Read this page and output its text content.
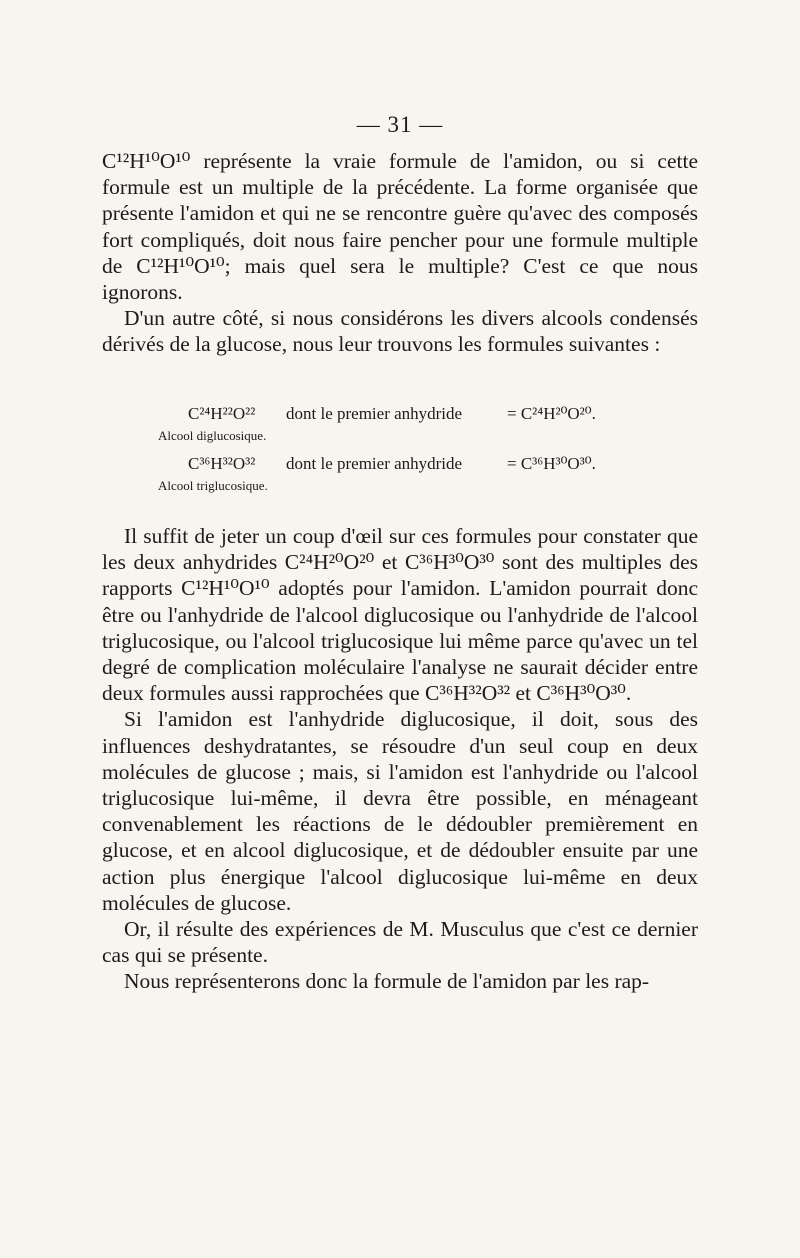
— 31 —

C¹²H¹⁰O¹⁰ représente la vraie formule de l'amidon, ou si cette formule est un multiple de la précédente. La forme organisée que présente l'amidon et qui ne se rencontre guère qu'avec des composés fort compliqués, doit nous faire pencher pour une formule multiple de C¹²H¹⁰O¹⁰; mais quel sera le multiple? C'est ce que nous ignorons.

D'un autre côté, si nous considérons les divers alcools condensés dérivés de la glucose, nous leur trouvons les formules suivantes :

C²⁴H²²O²² dont le premier anhydride	= C²⁴H²⁰O²⁰.
Alcool diglucosique.
C³⁶H³²O³² dont le premier anhydride	= C³⁶H³⁰O³⁰.
Alcool triglucosique.

Il suffit de jeter un coup d'œil sur ces formules pour constater que les deux anhydrides C²⁴H²⁰O²⁰ et C³⁶H³⁰O³⁰ sont des multiples des rapports C¹²H¹⁰O¹⁰ adoptés pour l'amidon. L'amidon pourrait donc être ou l'anhydride de l'alcool diglucosique ou l'anhydride de l'alcool triglucosique, ou l'alcool triglucosique lui même parce qu'avec un tel degré de complication moléculaire l'analyse ne saurait décider entre deux formules aussi rapprochées que C³⁶H³²O³² et C³⁶H³⁰O³⁰.

Si l'amidon est l'anhydride diglucosique, il doit, sous des influences deshydratantes, se résoudre d'un seul coup en deux molécules de glucose ; mais, si l'amidon est l'anhydride ou l'alcool triglucosique lui-même, il devra être possible, en ménageant convenablement les réactions de le dédoubler premièrement en glucose, et en alcool diglucosique, et de dédoubler ensuite par une action plus énergique l'alcool diglucosique lui-même en deux molécules de glucose.

Or, il résulte des expériences de M. Musculus que c'est ce dernier cas qui se présente.

Nous représenterons donc la formule de l'amidon par les rap-
